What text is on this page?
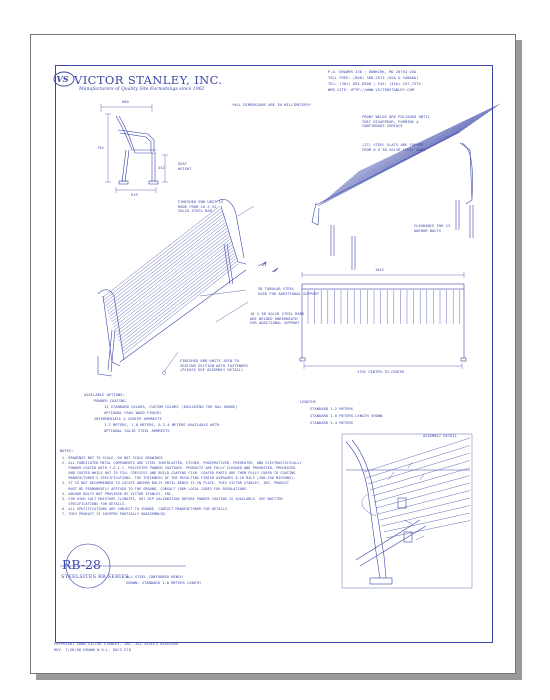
VS VICTOR STANLEY, INC.
Manufacturers of Quality Site Furnishings since 1962
P.O. DRAWER 330 ; DUNKIRK, MD 20754 USA
TOLL FREE: (800) 368-2573 (USA & CANADA)
TEL: (301) 855-8300 ; FAX: (410) 257-7579
WEB SITE: HTTP://WWW.VICTORSTANLEY.COM
*ALL DIMENSIONS ARE IN MILLIMETERS*
660
794
432
SEAT
HEIGHT
619
FRONT WELDS ARE POLISHED UNTIL
THEY DISAPPEAR, FORMING A
CONTINUOUS SURFACE
(27) STEEL SLATS ARE FORMED
FROM 6 X 38 SOLID STEEL BARS
CLEARANCE FOR 13
ANCHOR BOLTS
FINISHED END UNIT IS
MADE FROM 16 X 51
SOLID STEEL BAR
38 TUBULAR STEEL
USED FOR ADDITIONAL SUPPORT
16 X 38 SOLID STEEL BARS
ARE WELDED UNDERNEATH
FOR ADDITIONAL SUPPORT
FINISHED END UNITS JOIN TO
SEATING SECTION WITH FASTENERS
(PLEASE SEE ASSEMBLY DETAIL)
1842
1791 CENTER-TO-CENTER
AVAILABLE OPTIONS:
POWDER COATING
11 STANDARD COLORS, CUSTOM COLORS (INCLUDING THE RAL RANGE)
OPTIONAL FAUX WOOD FINISH
INTERMEDIATE & CENTER ARMRESTS
1.2 METERS, 1.8 METERS, & 2.4 METERS AVAILABLE WITH
OPTIONAL SOLID STEEL ARMRESTS
LENGTHS
STANDARD 1.2 METERS
STANDARD 1.8 METERS-LENGTH SHOWN
STANDARD 2.4 METERS
ASSEMBLY DETAIL
NOTES:
1. DRAWINGS NOT TO SCALE. DO NOT SCALE DRAWINGS.
2. ALL FABRICATED METAL COMPONENTS ARE STEEL SHOTBLASTED, ETCHED, PHOSPHATIZED, PREHEATED, AND ELECTROSTATICALLY
POWDER-COATED WITH T.G.I.C. POLYESTER POWDER COATINGS. PRODUCTS ARE FULLY CLEANED AND PREHEATED, PREHEATED
AND COATED WHILE HOT TO FILL CREVICES AND BUILD COATING FILM. COATED PARTS ARE THEN FULLY CURED TO COATING
MANUFACTURER'S SPECIFICATIONS. THE THICKNESS OF THE RESULTING FINISH AVERAGES 8-10 MILS (200-250 MICRONS).
3. IT IS NOT RECOMMENDED TO LOCATE ANCHOR BOLTS UNTIL BENCH IS IN PLACE. THIS VICTOR STANLEY, INC. PRODUCT
MUST BE PERMANENTLY AFFIXED TO THE GROUND. CONSULT YOUR LOCAL CODES FOR REGULATIONS.
4. ANCHOR BOLTS NOT PROVIDED BY VICTOR STANLEY, INC.
5. FOR HIGH SALT MOISTURE CLIMATES, HOT DIP GALVANIZING BEFORE POWDER COATING IS AVAILABLE. SEE WRITTEN
SPECIFICATIONS FOR DETAILS.
6. ALL SPECIFICATIONS ARE SUBJECT TO CHANGE. CONTACT MANUFACTURER FOR DETAILS.
7. THIS PRODUCT IS SHIPPED PARTIALLY UNASSEMBLED.
RB-28
STEELSITES RB SERIES
ALL STEEL CONTOURED BENCH
SHOWN: STANDARD 1.8 METERS LENGTH
COPYRIGHT 2008 VICTOR STANLEY, INC. ALL RIGHTS RESERVED
REV. 7/28/08 DRAWN W.D.L. DOCS-270
